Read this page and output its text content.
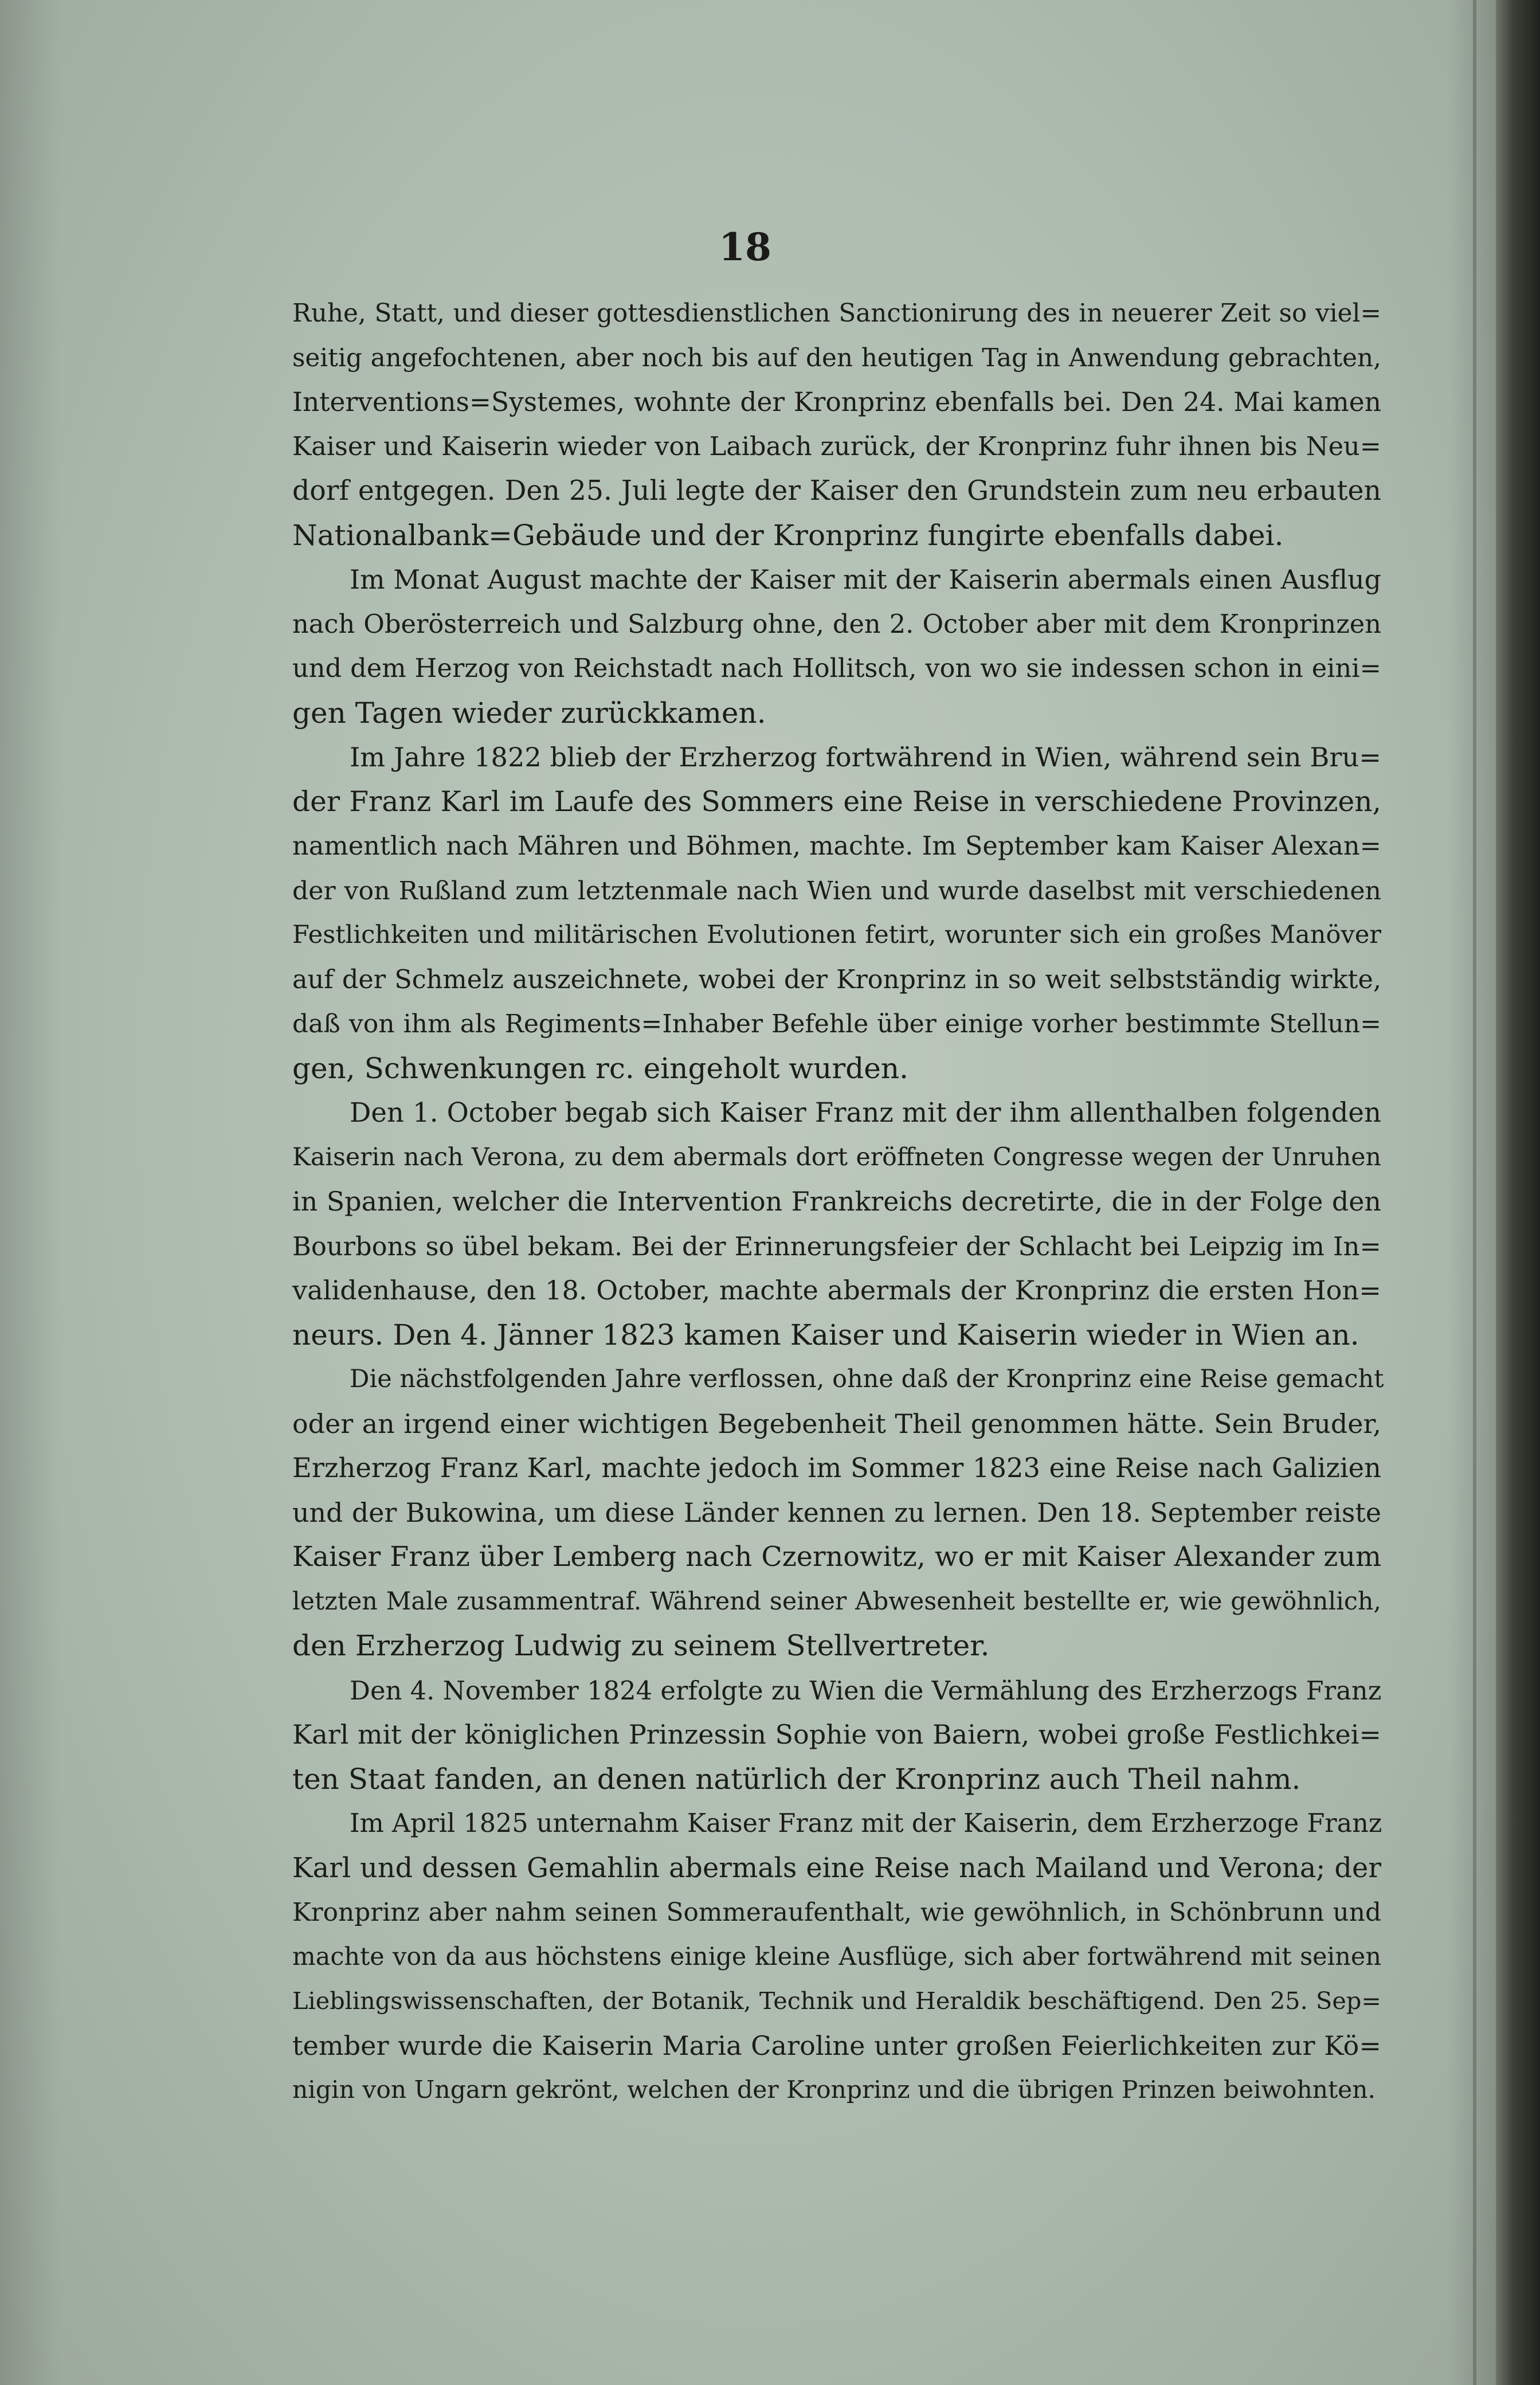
18

Ruhe, Statt, und dieser gottesdienstlichen Sanctionirung des in neuerer Zeit so viel=
seitig angefochtenen, aber noch bis auf den heutigen Tag in Anwendung gebrachten,
Interventions=Systemes, wohnte der Kronprinz ebenfalls bei. Den 24. Mai kamen
Kaiser und Kaiserin wieder von Laibach zurück, der Kronprinz fuhr ihnen bis Neu=
dorf entgegen. Den 25. Juli legte der Kaiser den Grundstein zum neu erbauten
Nationalbank=Gebäude und der Kronprinz fungirte ebenfalls dabei.

Im Monat August machte der Kaiser mit der Kaiserin abermals einen Ausflug
nach Oberösterreich und Salzburg ohne, den 2. October aber mit dem Kronprinzen
und dem Herzog von Reichstadt nach Hollitsch, von wo sie indessen schon in eini=
gen Tagen wieder zurückkamen.

Im Jahre 1822 blieb der Erzherzog fortwährend in Wien, während sein Bru=
der Franz Karl im Laufe des Sommers eine Reise in verschiedene Provinzen,
namentlich nach Mähren und Böhmen, machte. Im September kam Kaiser Alexan=
der von Rußland zum letztenmale nach Wien und wurde daselbst mit verschiedenen
Festlichkeiten und militärischen Evolutionen fetirt, worunter sich ein großes Manöver
auf der Schmelz auszeichnete, wobei der Kronprinz in so weit selbstständig wirkte,
daß von ihm als Regiments=Inhaber Befehle über einige vorher bestimmte Stellun=
gen, Schwenkungen rc. eingeholt wurden.

Den 1. October begab sich Kaiser Franz mit der ihm allenthalben folgenden
Kaiserin nach Verona, zu dem abermals dort eröffneten Congresse wegen der Unruhen
in Spanien, welcher die Intervention Frankreichs decretirte, die in der Folge den
Bourbons so übel bekam. Bei der Erinnerungsfeier der Schlacht bei Leipzig im In=
validenhause, den 18. October, machte abermals der Kronprinz die ersten Hon=
neurs. Den 4. Jänner 1823 kamen Kaiser und Kaiserin wieder in Wien an.

Die nächstfolgenden Jahre verflossen, ohne daß der Kronprinz eine Reise gemacht
oder an irgend einer wichtigen Begebenheit Theil genommen hätte. Sein Bruder,
Erzherzog Franz Karl, machte jedoch im Sommer 1823 eine Reise nach Galizien
und der Bukowina, um diese Länder kennen zu lernen. Den 18. September reiste
Kaiser Franz über Lemberg nach Czernowitz, wo er mit Kaiser Alexander zum
letzten Male zusammentraf. Während seiner Abwesenheit bestellte er, wie gewöhnlich,
den Erzherzog Ludwig zu seinem Stellvertreter.

Den 4. November 1824 erfolgte zu Wien die Vermählung des Erzherzogs Franz
Karl mit der königlichen Prinzessin Sophie von Baiern, wobei große Festlichkei=
ten Staat fanden, an denen natürlich der Kronprinz auch Theil nahm.

Im April 1825 unternahm Kaiser Franz mit der Kaiserin, dem Erzherzoge Franz
Karl und dessen Gemahlin abermals eine Reise nach Mailand und Verona; der
Kronprinz aber nahm seinen Sommeraufenthalt, wie gewöhnlich, in Schönbrunn und
machte von da aus höchstens einige kleine Ausflüge, sich aber fortwährend mit seinen
Lieblingswissenschaften, der Botanik, Technik und Heraldik beschäftigend. Den 25. Sep=
tember wurde die Kaiserin Maria Caroline unter großen Feierlichkeiten zur Kö=
nigin von Ungarn gekrönt, welchen der Kronprinz und die übrigen Prinzen beiwohnten.
